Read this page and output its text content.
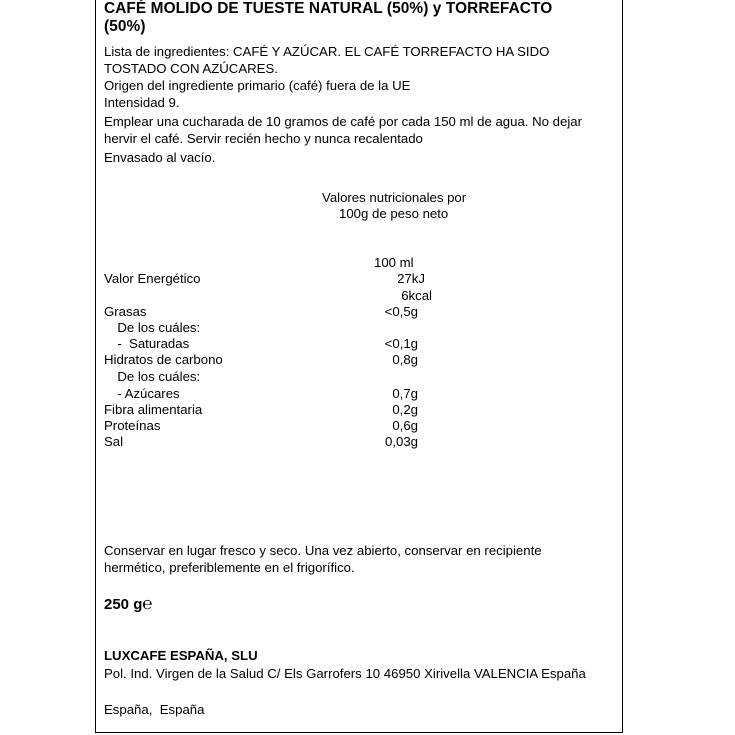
CAFÉ MOLIDO DE TUESTE NATURAL (50%) y TORREFACTO
(50%)
Lista de ingredientes: CAFÉ Y AZÚCAR. EL CAFÉ TORREFACTO HA SIDO
TOSTADO CON AZÚCARES.
Origen del ingrediente primario (café) fuera de la UE
Intensidad 9.
Emplear una cucharada de 10 gramos de café por cada 150 ml de agua. No dejar
hervir el café. Servir recién hecho y nunca recalentado
Envasado al vacío.
Valores nutricionales por
100g de peso neto
100 ml
Valor Energético	27kJ
6kcal
Grasas	<0,5g
De los cuáles:
-  Saturadas	<0,1g
Hidratos de carbono	0,8g
De los cuáles:
- Azúcares	0,7g
Fibra alimentaria	0,2g
Proteínas	0,6g
Sal	0,03g
Conservar en lugar fresco y seco. Una vez abierto, conservar en recipiente
hermético, preferiblemente en el frigorífico.
250 g℮
LUXCAFE ESPAÑA, SLU
Pol. Ind. Virgen de la Salud C/ Els Garrofers 10 46950 Xirivella VALENCIA España
España,  España
